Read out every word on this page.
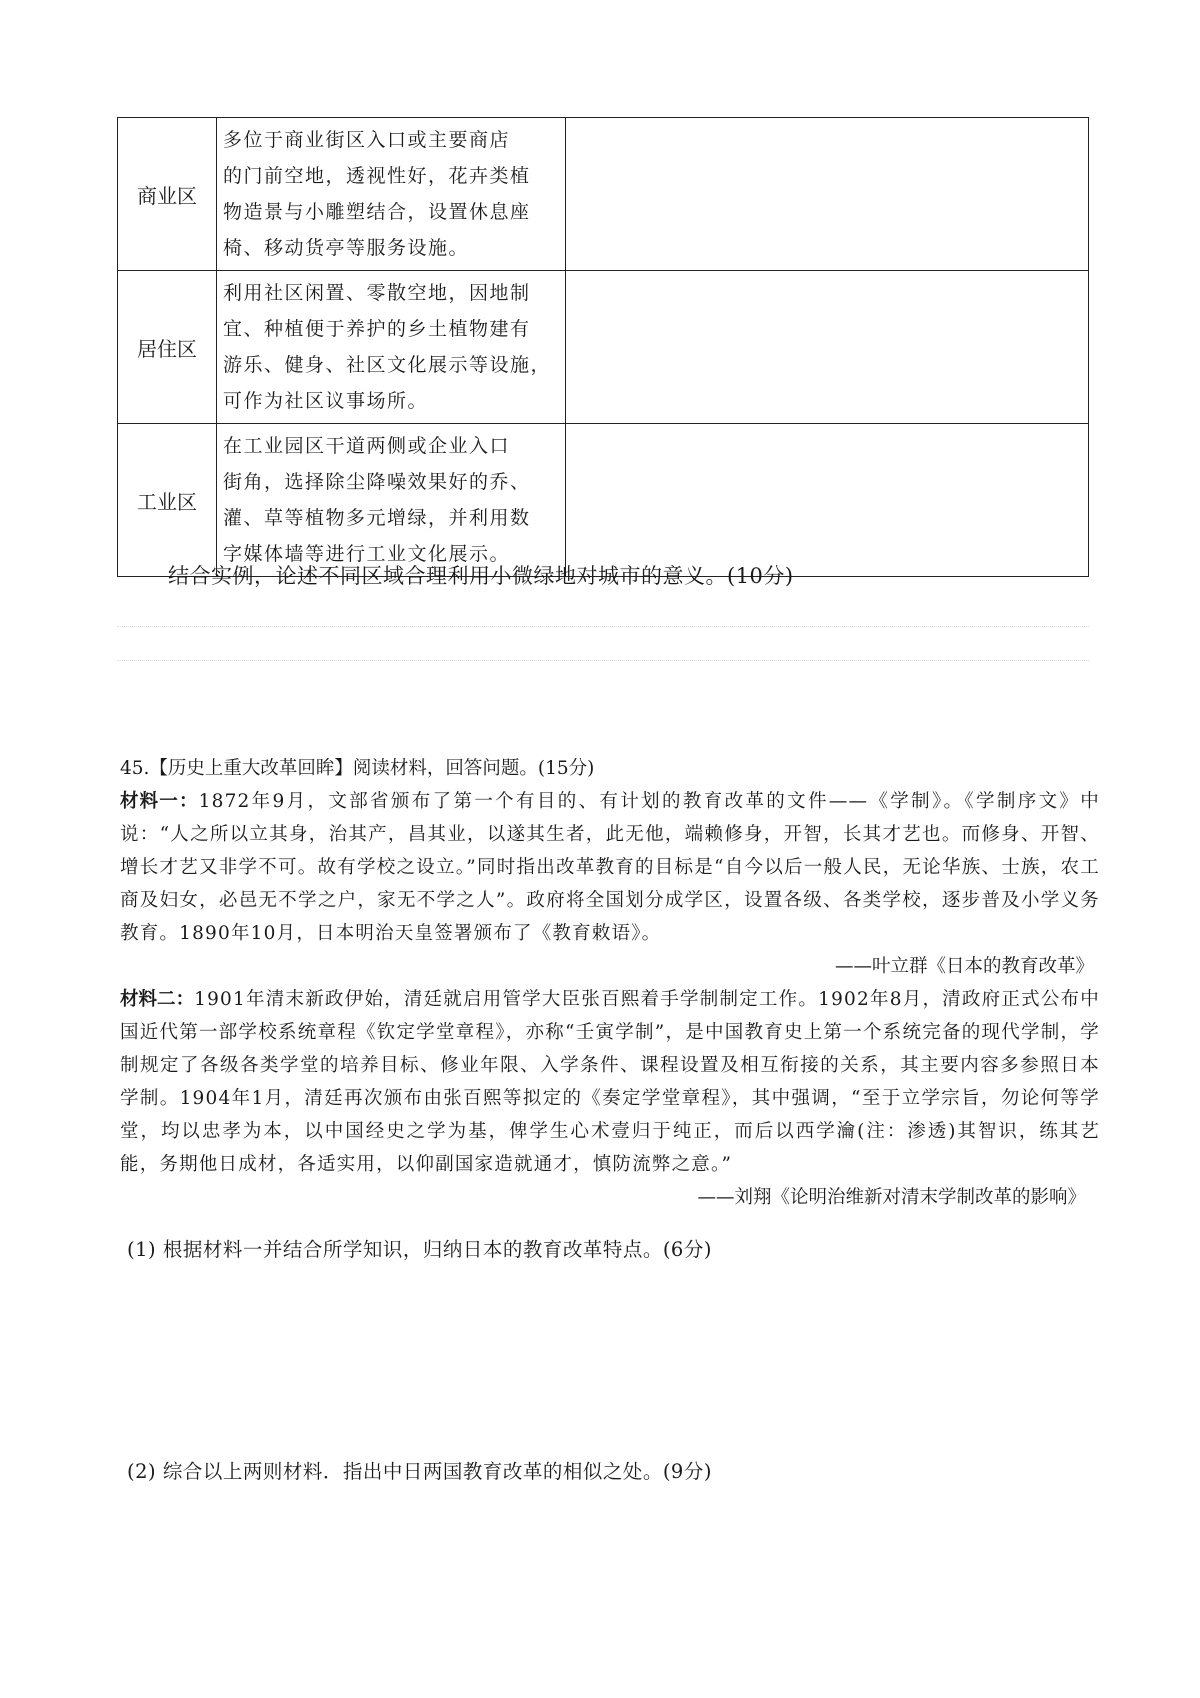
商业区	多位于商业街区入口或主要商店
的门前空地，透视性好，花卉类植
物造景与小雕塑结合，设置休息座
椅、移动货亭等服务设施。	

居住区	利用社区闲置、零散空地，因地制
宜、种植便于养护的乡土植物建有
游乐、健身、社区文化展示等设施，
可作为社区议事场所。	

工业区	在工业园区干道两侧或企业入口
街角，选择除尘降噪效果好的乔、
灌、草等植物多元增绿，并利用数
字媒体墙等进行工业文化展示。	

结合实例，论述不同区域合理利用小微绿地对城市的意义。(10分)
45.【历史上重大改革回眸】阅读材料，回答问题。(15分)
材料一：1872年9月，文部省颁布了第一个有目的、有计划的教育改革的文件——《学制》。《学制序文》中说：“人之所以立其身，治其产，昌其业，以遂其生者，此无他，端赖修身，开智，长其才艺也。而修身、开智、增长才艺又非学不可。故有学校之设立。”同时指出改革教育的目标是“自今以后一般人民，无论华族、士族，农工商及妇女，必邑无不学之户，家无不学之人”。政府将全国划分成学区，设置各级、各类学校，逐步普及小学义务教育。1890年10月，日本明治天皇签署颁布了《教育敕语》。
——叶立群《日本的教育改革》
材料二：1901年清末新政伊始，清廷就启用管学大臣张百熙着手学制制定工作。1902年8月，清政府正式公布中国近代第一部学校系统章程《钦定学堂章程》，亦称“壬寅学制”，是中国教育史上第一个系统完备的现代学制，学制规定了各级各类学堂的培养目标、修业年限、入学条件、课程设置及相互衔接的关系，其主要内容多参照日本学制。1904年1月，清廷再次颁布由张百熙等拟定的《奏定学堂章程》，其中强调，“至于立学宗旨，勿论何等学堂，均以忠孝为本，以中国经史之学为基，俾学生心术壹归于纯正，而后以西学瀹(注：渗透)其智识，练其艺能，务期他日成材，各适实用，以仰副国家造就通才，慎防流弊之意。”
——刘翔《论明治维新对清末学制改革的影响》
(1) 根据材料一并结合所学知识，归纳日本的教育改革特点。(6分)
(2) 综合以上两则材料．指出中日两国教育改革的相似之处。(9分)
